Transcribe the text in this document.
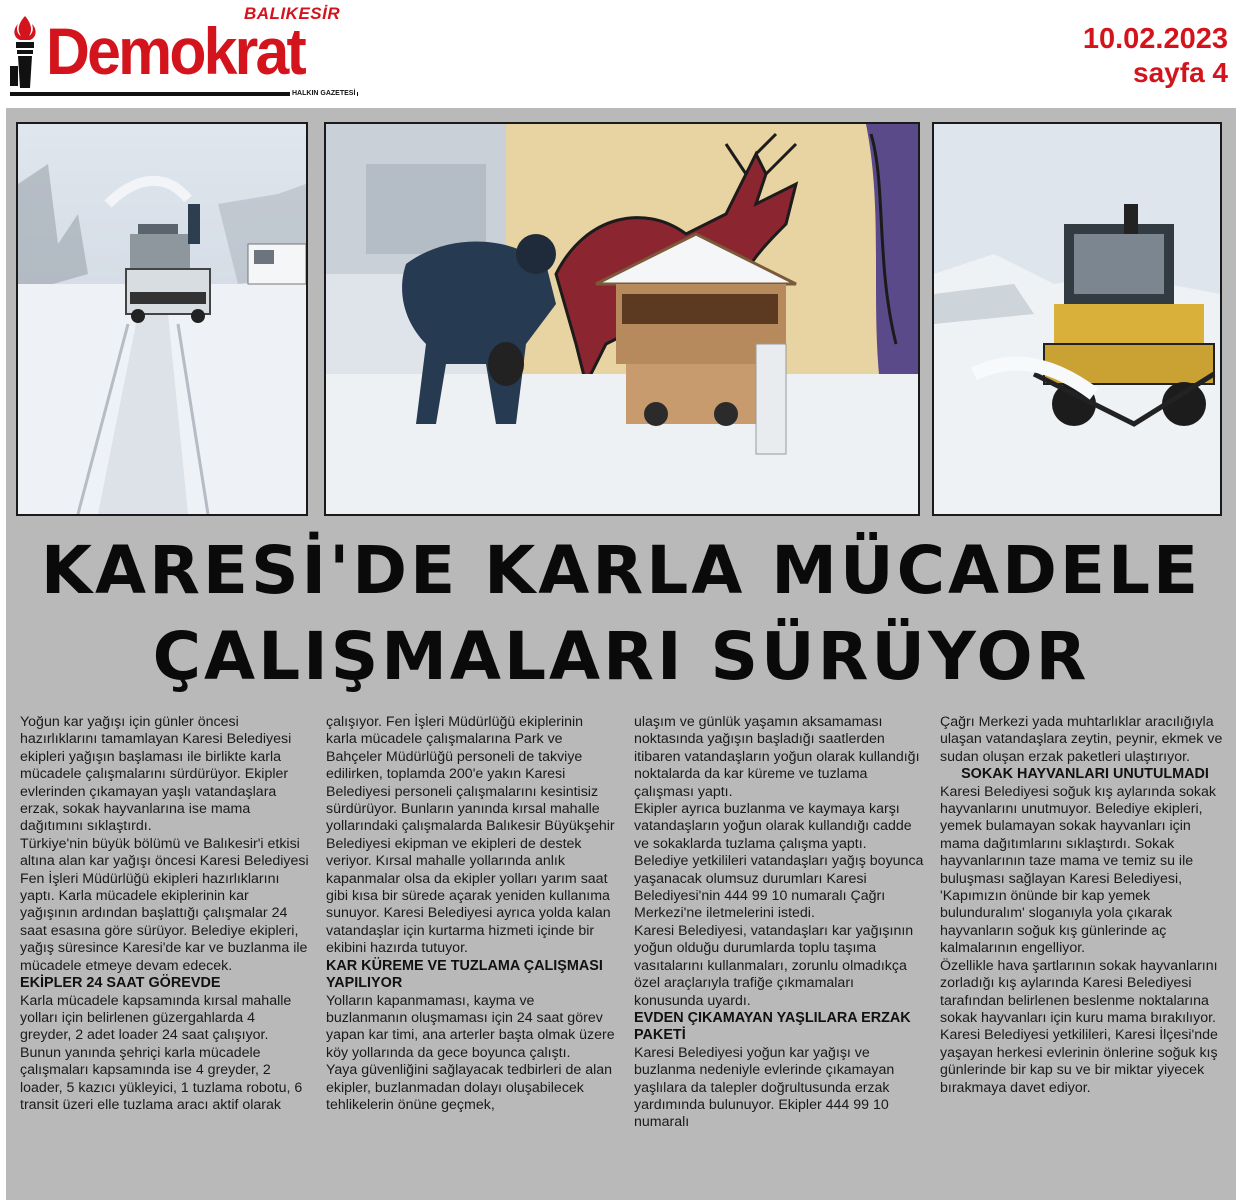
BALIKESİR
Demokrat
HALKIN GAZETESİ
10.02.2023
sayfa 4
KARESİ'DE KARLA MÜCADELE
ÇALIŞMALARI SÜRÜYOR

Yoğun kar yağışı için günler öncesi hazırlıklarını tamamlayan Karesi Belediyesi ekipleri yağışın başlaması ile birlikte karla mücadele çalışmalarını sürdürüyor. Ekipler evlerinden çıkamayan yaşlı vatandaşlara erzak, sokak hayvanlarına ise mama dağıtımını sıklaştırdı.

Türkiye'nin büyük bölümü ve Balıkesir'i etkisi altına alan kar yağışı öncesi Karesi Belediyesi Fen İşleri Müdürlüğü ekipleri hazırlıklarını yaptı. Karla mücadele ekiplerinin kar yağışının ardından başlattığı çalışmalar 24 saat esasına göre sürüyor. Belediye ekipleri, yağış süresince Karesi'de kar ve buzlanma ile mücadele etmeye devam edecek.

EKİPLER 24 SAAT GÖREVDE

Karla mücadele kapsamında kırsal mahalle yolları için belirlenen güzergahlarda 4 greyder, 2 adet loader 24 saat çalışıyor. Bunun yanında şehriçi karla mücadele çalışmaları kapsamında ise 4 greyder, 2 loader, 5 kazıcı yükleyici, 1 tuzlama robotu, 6 transit üzeri elle tuzlama aracı aktif olarak

çalışıyor. Fen İşleri Müdürlüğü ekiplerinin karla mücadele çalışmalarına Park ve Bahçeler Müdürlüğü personeli de takviye edilirken, toplamda 200'e yakın Karesi Belediyesi personeli çalışmalarını kesintisiz sürdürüyor. Bunların yanında kırsal mahalle yollarındaki çalışmalarda Balıkesir Büyükşehir Belediyesi ekipman ve ekipleri de destek veriyor. Kırsal mahalle yollarında anlık kapanmalar olsa da ekipler yolları yarım saat gibi kısa bir sürede açarak yeniden kullanıma sunuyor. Karesi Belediyesi ayrıca yolda kalan vatandaşlar için kurtarma hizmeti içinde bir ekibini hazırda tutuyor.

KAR KÜREME VE TUZLAMA ÇALIŞMASI YAPILIYOR

Yolların kapanmaması, kayma ve buzlanmanın oluşmaması için 24 saat görev yapan kar timi, ana arterler başta olmak üzere köy yollarında da gece boyunca çalıştı.

Yaya güvenliğini sağlayacak tedbirleri de alan ekipler, buzlanmadan dolayı oluşabilecek tehlikelerin önüne geçmek,

ulaşım ve günlük yaşamın aksamaması noktasında yağışın başladığı saatlerden itibaren vatandaşların yoğun olarak kullandığı noktalarda da kar küreme ve tuzlama çalışması yaptı.

Ekipler ayrıca buzlanma ve kaymaya karşı vatandaşların yoğun olarak kullandığı cadde ve sokaklarda tuzlama çalışma yaptı.

Belediye yetkilileri vatandaşları yağış boyunca yaşanacak olumsuz durumları Karesi Belediyesi'nin 444 99 10 numaralı Çağrı Merkezi'ne iletmelerini istedi.

Karesi Belediyesi, vatandaşları kar yağışının yoğun olduğu durumlarda toplu taşıma vasıtalarını kullanmaları, zorunlu olmadıkça özel araçlarıyla trafiğe çıkmamaları konusunda uyardı.

EVDEN ÇIKAMAYAN YAŞLILARA ERZAK PAKETİ

Karesi Belediyesi yoğun kar yağışı ve buzlanma nedeniyle evlerinde çıkamayan yaşlılara da talepler doğrultusunda erzak yardımında bulunuyor. Ekipler 444 99 10 numaralı

Çağrı Merkezi yada muhtarlıklar aracılığıyla ulaşan vatandaşlara zeytin, peynir, ekmek ve sudan oluşan erzak paketleri ulaştırıyor.

SOKAK HAYVANLARI UNUTULMADI

Karesi Belediyesi soğuk kış aylarında sokak hayvanlarını unutmuyor. Belediye ekipleri, yemek bulamayan sokak hayvanları için mama dağıtımlarını sıklaştırdı. Sokak hayvanlarının taze mama ve temiz su ile buluşması sağlayan Karesi Belediyesi, 'Kapımızın önünde bir kap yemek bulunduralım' sloganıyla yola çıkarak hayvanların soğuk kış günlerinde aç kalmalarının engelliyor.

Özellikle hava şartlarının sokak hayvanlarını zorladığı kış aylarında Karesi Belediyesi tarafından belirlenen beslenme noktalarına sokak hayvanları için kuru mama bırakılıyor. Karesi Belediyesi yetkilileri, Karesi İlçesi'nde yaşayan herkesi evlerinin önlerine soğuk kış günlerinde bir kap su ve bir miktar yiyecek bırakmaya davet ediyor.
